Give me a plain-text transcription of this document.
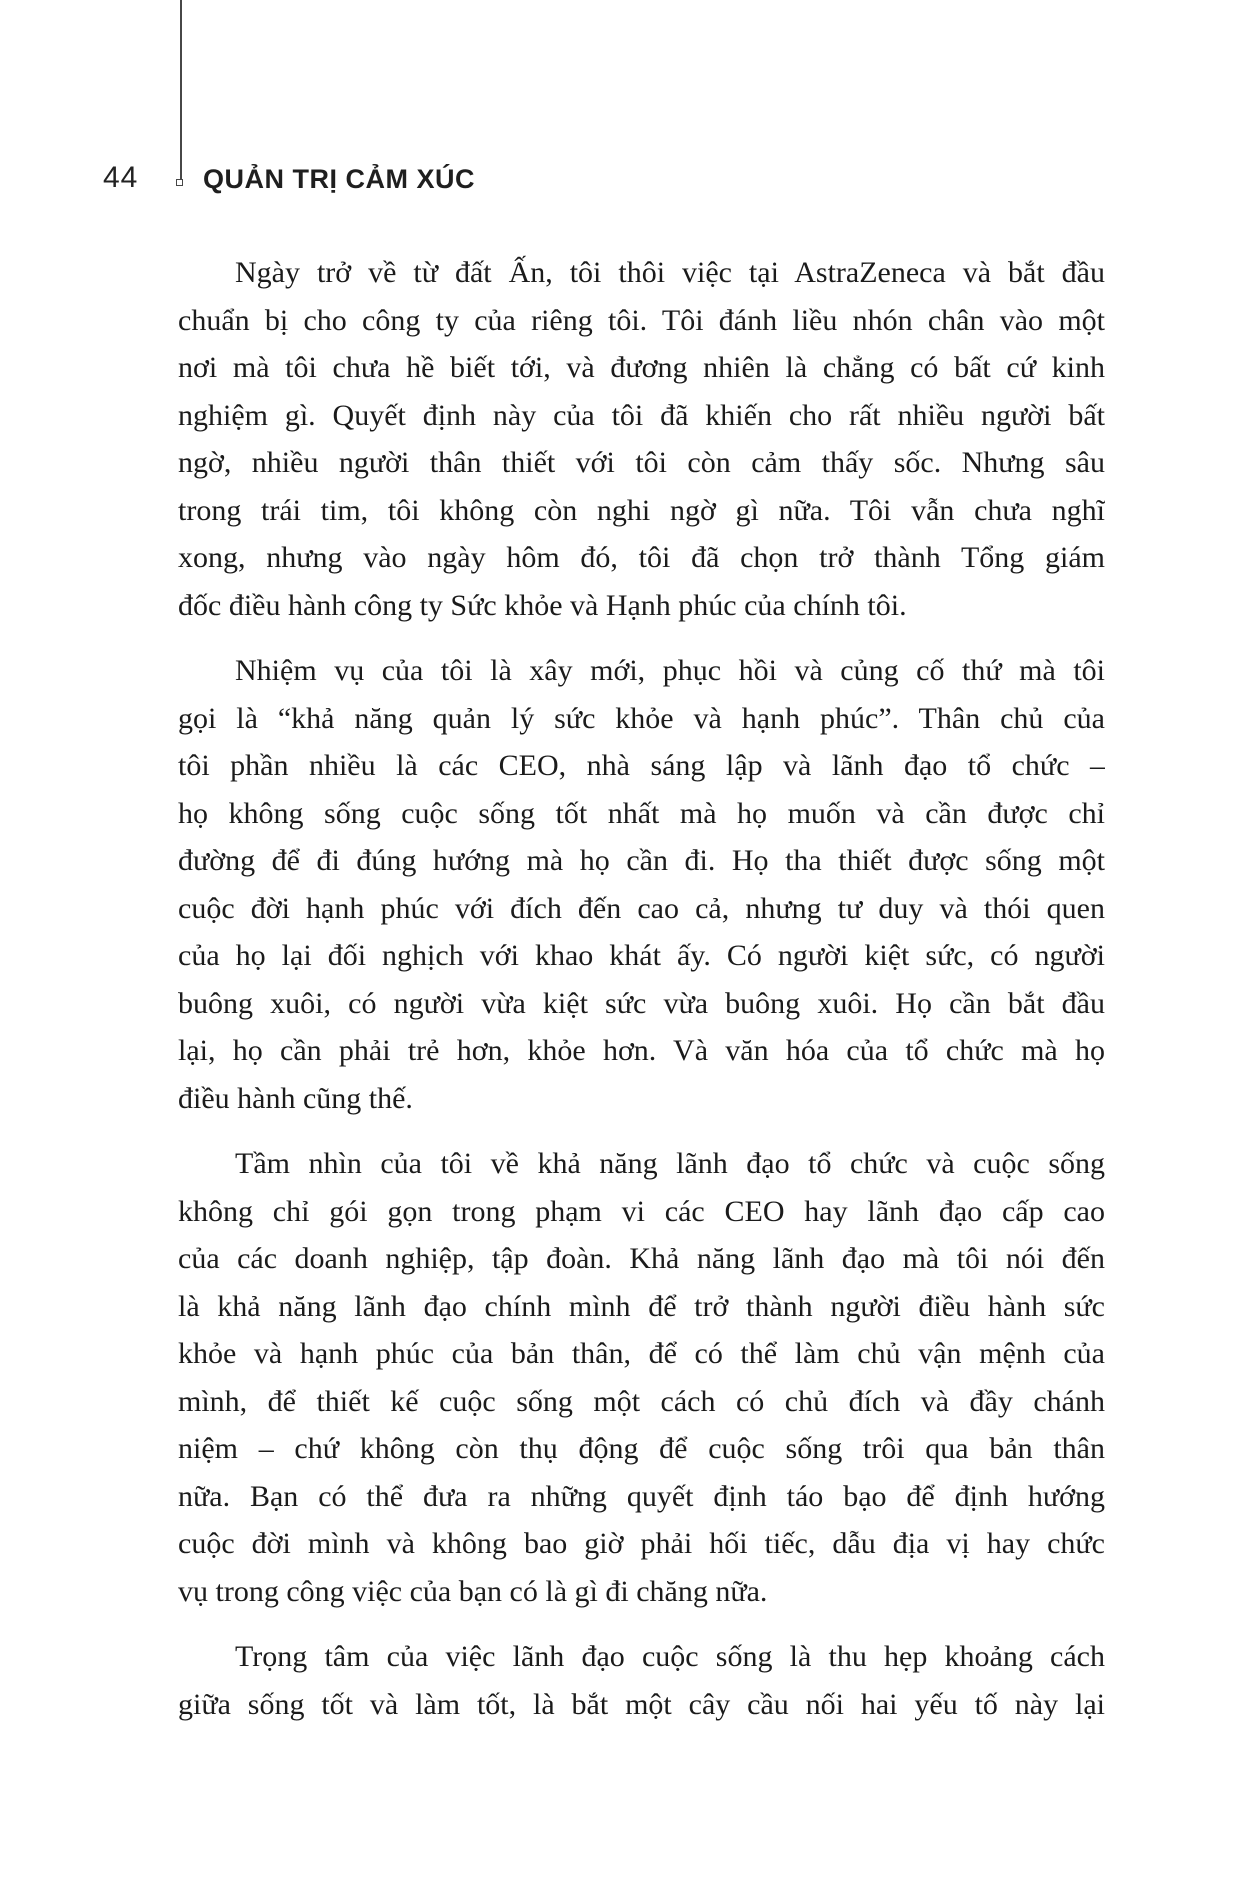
44 QUẢN TRỊ CẢM XÚC
Ngày trở về từ đất Ấn, tôi thôi việc tại AstraZeneca và bắt đầu
chuẩn bị cho công ty của riêng tôi. Tôi đánh liều nhón chân vào một
nơi mà tôi chưa hề biết tới, và đương nhiên là chẳng có bất cứ kinh
nghiệm gì. Quyết định này của tôi đã khiến cho rất nhiều người bất
ngờ, nhiều người thân thiết với tôi còn cảm thấy sốc. Nhưng sâu
trong trái tim, tôi không còn nghi ngờ gì nữa. Tôi vẫn chưa nghĩ
xong, nhưng vào ngày hôm đó, tôi đã chọn trở thành Tổng giám
đốc điều hành công ty Sức khỏe và Hạnh phúc của chính tôi.
Nhiệm vụ của tôi là xây mới, phục hồi và củng cố thứ mà tôi
gọi là “khả năng quản lý sức khỏe và hạnh phúc”. Thân chủ của
tôi phần nhiều là các CEO, nhà sáng lập và lãnh đạo tổ chức –
họ không sống cuộc sống tốt nhất mà họ muốn và cần được chỉ
đường để đi đúng hướng mà họ cần đi. Họ tha thiết được sống một
cuộc đời hạnh phúc với đích đến cao cả, nhưng tư duy và thói quen
của họ lại đối nghịch với khao khát ấy. Có người kiệt sức, có người
buông xuôi, có người vừa kiệt sức vừa buông xuôi. Họ cần bắt đầu
lại, họ cần phải trẻ hơn, khỏe hơn. Và văn hóa của tổ chức mà họ
điều hành cũng thế.
Tầm nhìn của tôi về khả năng lãnh đạo tổ chức và cuộc sống
không chỉ gói gọn trong phạm vi các CEO hay lãnh đạo cấp cao
của các doanh nghiệp, tập đoàn. Khả năng lãnh đạo mà tôi nói đến
là khả năng lãnh đạo chính mình để trở thành người điều hành sức
khỏe và hạnh phúc của bản thân, để có thể làm chủ vận mệnh của
mình, để thiết kế cuộc sống một cách có chủ đích và đầy chánh
niệm – chứ không còn thụ động để cuộc sống trôi qua bản thân
nữa. Bạn có thể đưa ra những quyết định táo bạo để định hướng
cuộc đời mình và không bao giờ phải hối tiếc, dẫu địa vị hay chức
vụ trong công việc của bạn có là gì đi chăng nữa.
Trọng tâm của việc lãnh đạo cuộc sống là thu hẹp khoảng cách
giữa sống tốt và làm tốt, là bắt một cây cầu nối hai yếu tố này lại
